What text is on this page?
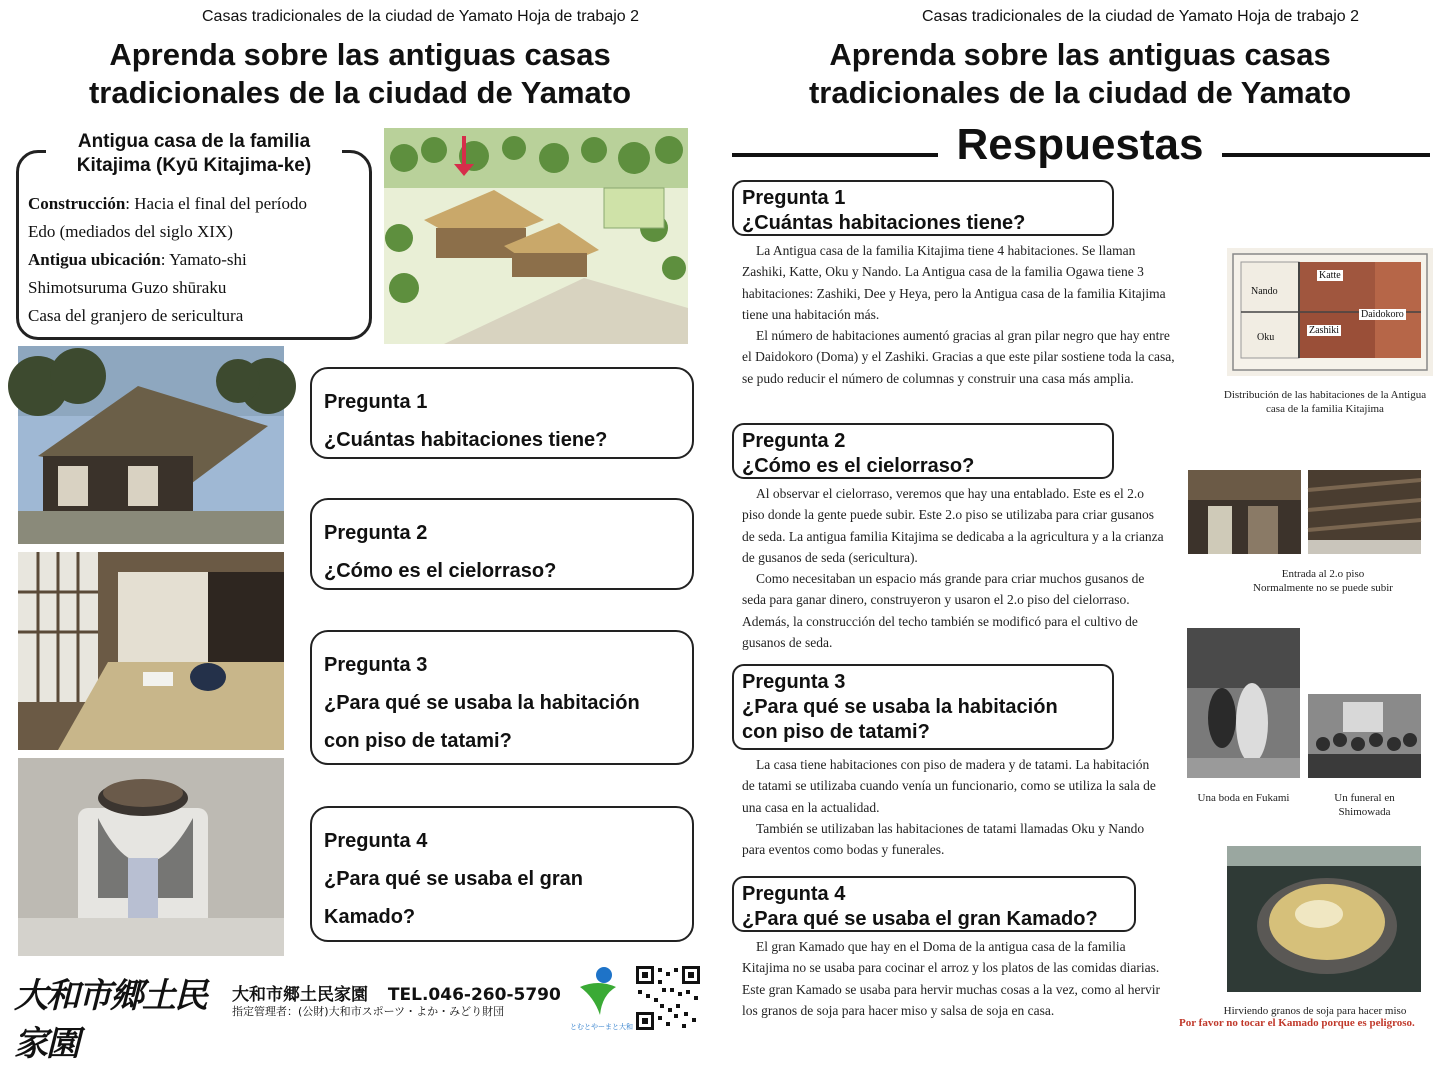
Casas tradicionales de la ciudad de Yamato Hoja de trabajo 2
Aprenda sobre las antiguas casas
tradicionales de la ciudad de Yamato
Antigua casa de la familia
Kitajima (Kyū Kitajima-ke)
Construcción: Hacia el final del período
Edo (mediados del siglo XIX)
Antigua ubicación: Yamato-shi
Shimotsuruma Guzo shūraku
Casa del granjero de sericultura
Pregunta 1
¿Cuántas habitaciones tiene?
Pregunta 2
¿Cómo es el cielorraso?
Pregunta 3
¿Para qué se usaba la habitación
con piso de tatami?
Pregunta 4
¿Para qué se usaba el gran
Kamado?
大和市郷土民家園
大和市郷土民家園 TEL.046-260-5790
指定管理者：(公財)大和市スポーツ・よか・みどり財団
とむとやーまと大和
Casas tradicionales de la ciudad de Yamato Hoja de trabajo 2
Aprenda sobre las antiguas casas
tradicionales de la ciudad de Yamato
Respuestas
Pregunta 1
¿Cuántas habitaciones tiene?

La Antigua casa de la familia Kitajima tiene 4 habitaciones. Se llaman Zashiki, Katte, Oku y Nando. La Antigua casa de la familia Ogawa tiene 3 habitaciones: Zashiki, Dee y Heya, pero la Antigua casa de la familia Kitajima tiene una habitación más.

El número de habitaciones aumentó gracias al gran pilar negro que hay entre el Daidokoro (Doma) y el Zashiki. Gracias a que este pilar sostiene toda la casa, se pudo reducir el número de columnas y construir una casa más amplia.

Pregunta 2
¿Cómo es el cielorraso?

Al observar el cielorraso, veremos que hay una entablado. Este es el 2.o piso donde la gente puede subir. Este 2.o piso se utilizaba para criar gusanos de seda. La antigua familia Kitajima se dedicaba a la agricultura y a la crianza de gusanos de seda (sericultura).

Como necesitaban un espacio más grande para criar muchos gusanos de seda para ganar dinero, construyeron y usaron el 2.o piso del cielorraso. Además, la construcción del techo también se modificó para el cultivo de gusanos de seda.

Pregunta 3
¿Para qué se usaba la habitación
con piso de tatami?

La casa tiene habitaciones con piso de madera y de tatami. La habitación de tatami se utilizaba cuando venía un funcionario, como se utiliza la sala de una casa en la actualidad.

También se utilizaban las habitaciones de tatami llamadas Oku y Nando para eventos como bodas y funerales.

Pregunta 4
¿Para qué se usaba el gran Kamado?

El gran Kamado que hay en el Doma de la antigua casa de la familia Kitajima no se usaba para cocinar el arroz y los platos de las comidas diarias. Este gran Kamado se usaba para hervir muchas cosas a la vez, como al hervir los granos de soja para hacer miso y salsa de soja en casa.

Katte
Nando
Daidokoro
Oku
Zashiki
Distribución de las habitaciones de la Antigua
casa de la familia Kitajima
Entrada al 2.o piso
Normalmente no se puede subir
Una boda en Fukami	Un funeral en
Shimowada
Hirviendo granos de soja para hacer miso
Por favor no tocar el Kamado porque es peligroso.
